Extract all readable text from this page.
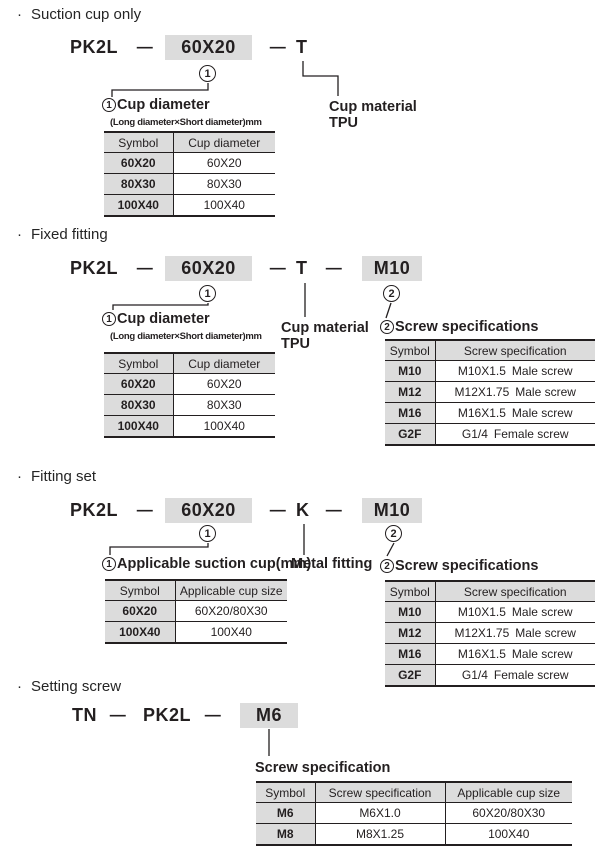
· Suction cup only
PK2L —	60X20	— T
1
1 Cup diameter
(Long diameter×Short diameter)mm
Cup material
TPU
Symbol	Cup diameter
60X20	60X20
80X30	80X30
100X40	100X40
· Fixed fitting
PK2L —	60X20	— T —	M10
1	2
1 Cup diameter
(Long diameter×Short diameter)mm
Cup material
TPU
2 Screw specifications
Symbol	Cup diameter
60X20	60X20
80X30	80X30
100X40	100X40
Symbol	Screw specification
M10	M10X1.5 Male screw
M12	M12X1.75 Male screw
M16	M16X1.5 Male screw
G2F	G1/4 Female screw
· Fitting set
PK2L —	60X20	— K —	M10
1	2
1 Applicable suction cup(mm)
Metal fitting	2 Screw specifications
Symbol	Applicable cup size
60X20	60X20/80X30
100X40	100X40
Symbol	Screw specification
M10	M10X1.5 Male screw
M12	M12X1.75 Male screw
M16	M16X1.5 Male screw
G2F	G1/4 Female screw
· Setting screw
TN — PK2L —	M6
Screw specification
Symbol	Screw specification	Applicable cup size
M6	M6X1.0	60X20/80X30
M8	M8X1.25	100X40
